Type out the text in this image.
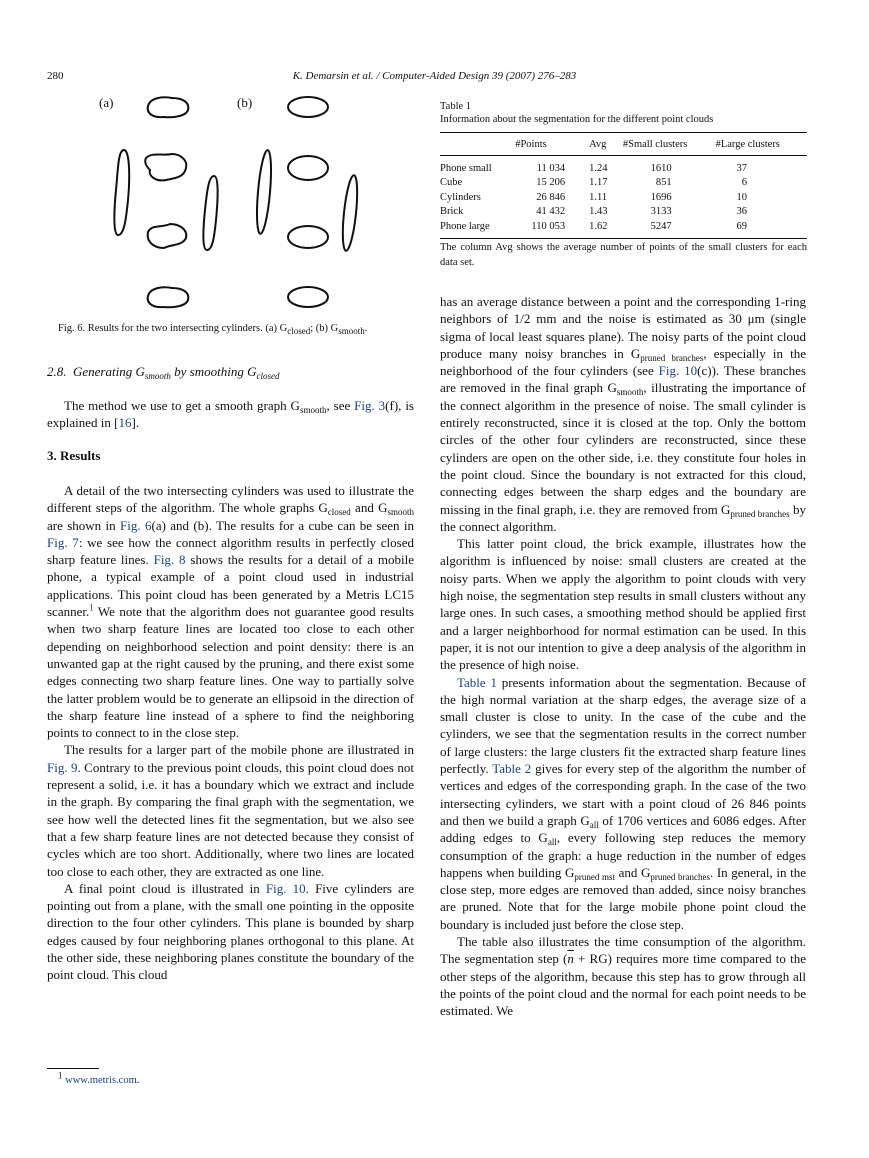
280	K. Demarsin et al. / Computer-Aided Design 39 (2007) 276–283
(a)	(b)
Fig. 6. Results for the two intersecting cylinders. (a) $G_{closed}$; (b) $G_{smooth}$.
2.8. Generating $G_{smooth}$ by smoothing $G_{closed}$

The method we use to get a smooth graph $G_{smooth}$, see Fig. 3(f), is explained in [16].

3. Results

A detail of the two intersecting cylinders was used to illustrate the different steps of the algorithm. The whole graphs $G_{closed}$ and $G_{smooth}$ are shown in Fig. 6(a) and (b). The results for a cube can be seen in Fig. 7: we see how the connect algorithm results in perfectly closed sharp feature lines. Fig. 8 shows the results for a detail of a mobile phone, a typical example of a point cloud used in industrial applications. This point cloud has been generated by a Metris LC15 scanner.$^1$ We note that the algorithm does not guarantee good results when two sharp feature lines are located too close to each other depending on neighborhood selection and point density: there is an unwanted gap at the right caused by the pruning, and there exist some edges connecting two sharp feature lines. One way to partially solve the latter problem would be to generate an ellipsoid in the direction of the sharp feature line instead of a sphere to find the neighboring points to connect to in the close step.

The results for a larger part of the mobile phone are illustrated in Fig. 9. Contrary to the previous point clouds, this point cloud does not represent a solid, i.e. it has a boundary which we extract and include in the graph. By comparing the final graph with the segmentation, we see how well the detected lines fit the segmentation, but we also see that a few sharp feature lines are not detected because they consist of cycles which are too short. Additionally, where two lines are located too close to each other, they are extracted as one line.

A final point cloud is illustrated in Fig. 10. Five cylinders are pointing out from a plane, with the small one pointing in the opposite direction to the four other cylinders. This plane is bounded by sharp edges caused by four neighboring planes orthogonal to this plane. At the other side, these neighboring planes constitute the boundary of the point cloud. This cloud

$^1$ www.metris.com.
Table 1
Information about the segmentation for the different point clouds
	#Points	Avg	#Small clusters	#Large clusters
Phone small	11 034	1.24	1610	37
Cube	15 206	1.17	851	6
Cylinders	26 846	1.11	1696	10
Brick	41 432	1.43	3133	36
Phone large	110 053	1.62	5247	69
The column Avg shows the average number of points of the small clusters for each data set.

has an average distance between a point and the corresponding 1-ring neighbors of 1/2 mm and the noise is estimated as 30 μm (single sigma of local least squares plane). The noisy parts of the point cloud produce many noisy branches in $G_{pruned branches}$, especially in the neighborhood of the four cylinders (see Fig. 10(c)). These branches are removed in the final graph $G_{smooth}$, illustrating the importance of the connect algorithm in the presence of noise. The small cylinder is entirely reconstructed, since it is closed at the top. Only the bottom circles of the other four cylinders are reconstructed, since these cylinders are open on the other side, i.e. they constitute four holes in the point cloud. Since the boundary is not extracted for this cloud, connecting edges between the sharp edges and the boundary are missing in the final graph, i.e. they are removed from $G_{pruned branches}$ by the connect algorithm.

This latter point cloud, the brick example, illustrates how the algorithm is influenced by noise: small clusters are created at the noisy parts. When we apply the algorithm to point clouds with very high noise, the segmentation step results in small clusters without any large ones. In such cases, a smoothing method should be applied first and a larger neighborhood for normal estimation can be used. In this paper, it is not our intention to give a deep analysis of the algorithm in the presence of high noise.

Table 1 presents information about the segmentation. Because of the high normal variation at the sharp edges, the average size of a small cluster is close to unity. In the case of the cube and the cylinders, we see that the segmentation results in the correct number of large clusters: the large clusters fit the extracted sharp feature lines perfectly. Table 2 gives for every step of the algorithm the number of vertices and edges of the corresponding graph. In the case of the two intersecting cylinders, we start with a point cloud of 26 846 points and then we build a graph $G_{all}$ of 1706 vertices and 6086 edges. After adding edges to $G_{all}$, every following step reduces the memory consumption of the graph: a huge reduction in the number of edges happens when building $G_{pruned mst}$ and $G_{pruned branches}$. In general, in the close step, more edges are removed than added, since noisy branches are pruned. Note that for the large mobile phone point cloud the boundary is included just before the close step.

The table also illustrates the time consumption of the algorithm. The segmentation step $(\overline{n} + RG)$ requires more time compared to the other steps of the algorithm, because this step has to grow through all the points of the point cloud and the normal for each point needs to be estimated. We
